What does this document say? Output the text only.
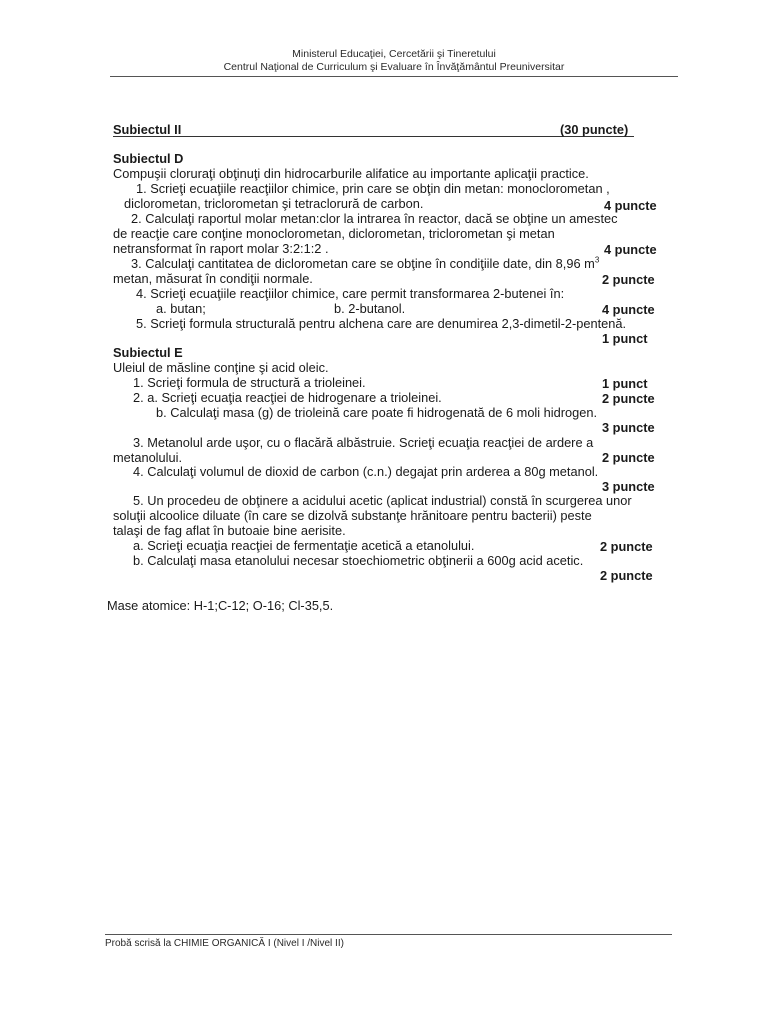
Ministerul Educaţiei, Cercetării şi Tineretului
Centrul Naţional de Curriculum şi Evaluare în Învăţământul Preuniversitar
Subiectul II	(30 puncte)
Subiectul D
Compuşii cloruraţi obţinuţi din hidrocarburile alifatice au importante aplicaţii practice.
1. Scrieţi ecuaţiile reacţiilor chimice, prin care se obţin din metan: monoclorometan ,
diclorometan, triclorometan şi tetraclorură de carbon.	4 puncte
2. Calculaţi raportul molar metan:clor la intrarea în reactor, dacă se obţine un amestec
de reacţie care conţine monoclorometan, diclorometan, triclorometan şi metan
netransformat în raport molar 3:2:1:2 .	4 puncte
3. Calculaţi cantitatea de diclorometan care se obţine în condiţiile date, din 8,96 $m^3$
metan, măsurat în condiţii normale.	2 puncte
4. Scrieţi ecuaţiile reacţiilor chimice, care permit transformarea 2-butenei în:
a. butan;	b. 2-butanol.	4 puncte
5. Scrieţi formula structurală pentru alchena care are denumirea 2,3-dimetil-2-pentenă.
1 punct
Subiectul E
Uleiul de măsline conţine şi acid oleic.
1. Scrieţi formula de structură a trioleinei.	1 punct
2. a. Scrieţi ecuaţia reacţiei de hidrogenare a trioleinei.	2 puncte
b. Calculaţi masa (g) de trioleină care poate fi hidrogenată de 6 moli hidrogen.
3 puncte
3. Metanolul arde uşor, cu o flacără albăstruie. Scrieţi ecuaţia reacţiei de ardere a
metanolului.	2 puncte
4. Calculaţi volumul de dioxid de carbon (c.n.) degajat prin arderea a 80g metanol.
3 puncte
5. Un procedeu de obţinere a acidului acetic (aplicat industrial) constă în scurgerea unor
soluţii alcoolice diluate (în care se dizolvă substanţe hrănitoare pentru bacterii) peste
talaşi de fag aflat în butoaie bine aerisite.
a. Scrieţi ecuaţia reacţiei de fermentaţie acetică a etanolului.	2 puncte
b. Calculaţi masa etanolului necesar stoechiometric obţinerii a 600g acid acetic.
2 puncte
Mase atomice: H-1;C-12; O-16; Cl-35,5.
Probă scrisă la CHIMIE ORGANICĂ I (Nivel I /Nivel II)
